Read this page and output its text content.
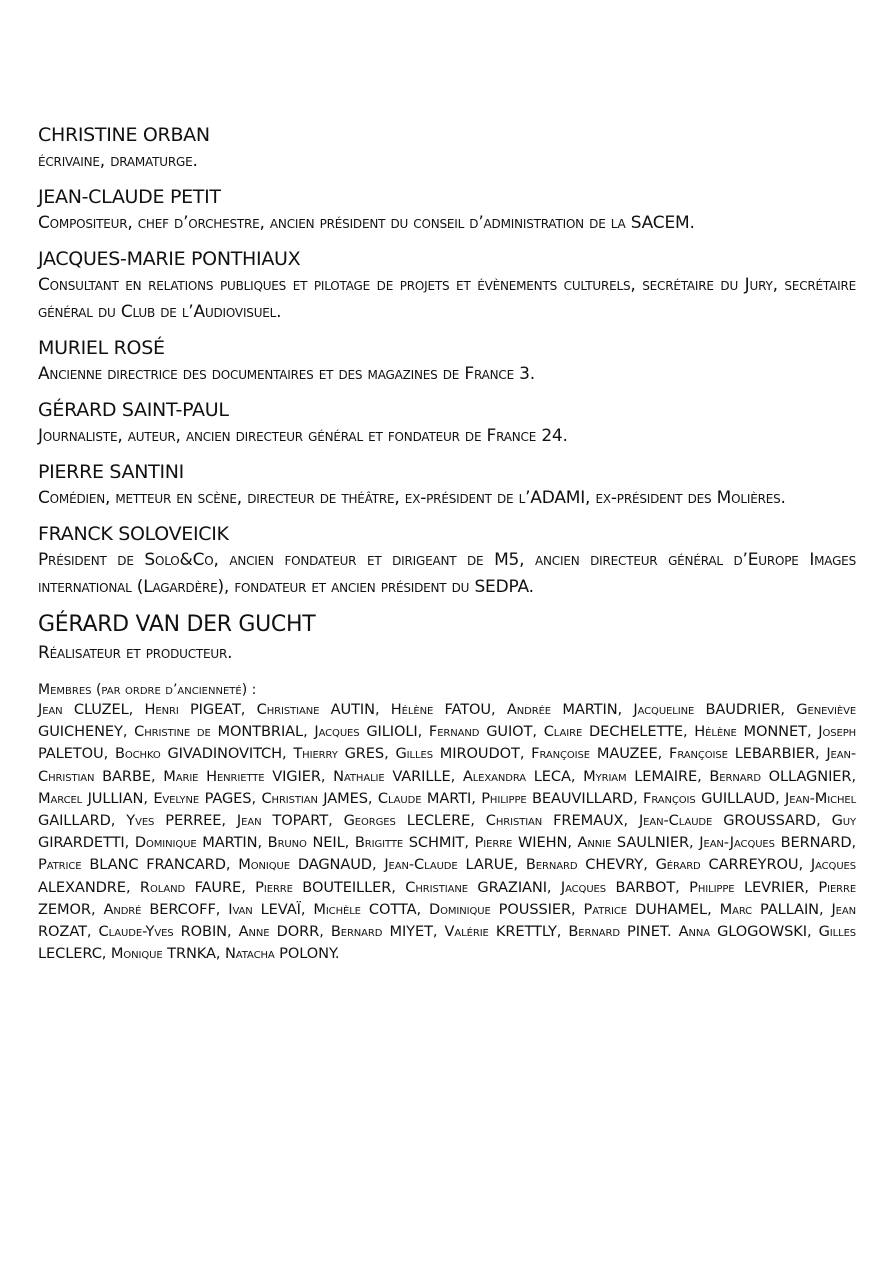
CHRISTINE ORBAN
écrivaine, dramaturge.
JEAN-CLAUDE PETIT
Compositeur, chef d’orchestre, ancien président du conseil d’administration de la SACEM.
JACQUES-MARIE PONTHIAUX
Consultant en relations publiques et pilotage de projets et évènements culturels, secrétaire du Jury, secrétaire général du Club de l’Audiovisuel.
MURIEL ROSÉ
Ancienne directrice des documentaires et des magazines de France 3.
GÉRARD SAINT-PAUL
Journaliste, auteur, ancien directeur général et fondateur de France 24.
PIERRE SANTINI
Comédien, metteur en scène, directeur de théâtre, ex-président de l’ADAMI, ex-président des Molières.
FRANCK SOLOVEICIK
Président de Solo&Co, ancien fondateur et dirigeant de M5, ancien directeur général d’Europe Images international (Lagardère), fondateur et ancien président du SEDPA.
GÉRARD VAN DER GUCHT
Réalisateur et producteur.
Membres (par ordre d’ancienneté) :
Jean CLUZEL, Henri PIGEAT, Christiane AUTIN, Hélène FATOU, Andrée MARTIN, Jacqueline BAUDRIER, Geneviève GUICHENEY, Christine de MONTBRIAL, Jacques GILIOLI, Fernand GUIOT, Claire DECHELETTE, Hélène MONNET, Joseph PALETOU, Bochko GIVADINOVITCH, Thierry GRES, Gilles MIROUDOT, Françoise MAUZEE, Françoise LEBARBIER, Jean-Christian BARBE, Marie Henriette VIGIER, Nathalie VARILLE, Alexandra LECA, Myriam LEMAIRE, Bernard OLLAGNIER, Marcel JULLIAN, Evelyne PAGES, Christian JAMES, Claude MARTI, Philippe BEAUVILLARD, François GUILLAUD, Jean-Michel GAILLARD, Yves PERREE, Jean TOPART, Georges LECLERE, Christian FREMAUX, Jean-Claude GROUSSARD, Guy GIRARDETTI, Dominique MARTIN, Bruno NEIL, Brigitte SCHMIT, Pierre WIEHN, Annie SAULNIER, Jean-Jacques BERNARD, Patrice BLANC FRANCARD, Monique DAGNAUD, Jean-Claude LARUE, Bernard CHEVRY, Gérard CARREYROU, Jacques ALEXANDRE, Roland FAURE, Pierre BOUTEILLER, Christiane GRAZIANI, Jacques BARBOT, Philippe LEVRIER, Pierre ZEMOR, André BERCOFF, Ivan LEVAÏ, Michèle COTTA, Dominique POUSSIER, Patrice DUHAMEL, Marc PALLAIN, Jean ROZAT, Claude-Yves ROBIN, Anne DORR, Bernard MIYET, Valérie KRETTLY, Bernard PINET. Anna GLOGOWSKI, Gilles LECLERC, Monique TRNKA, Natacha POLONY.
